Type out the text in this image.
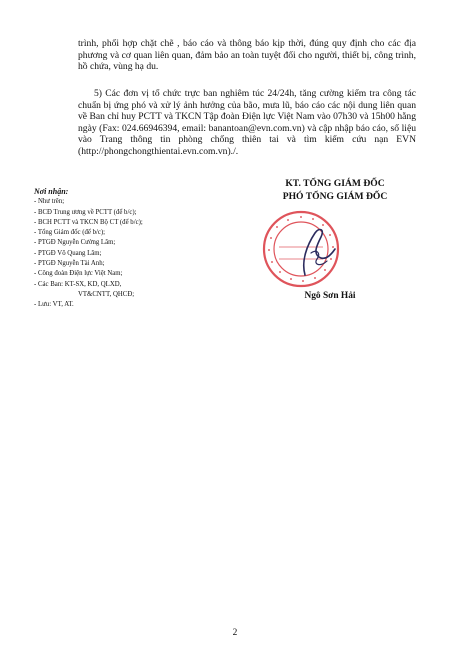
trình, phối hợp chặt chẽ , báo cáo và thông báo kịp thời, đúng quy định cho các địa phương và cơ quan liên quan, đảm bảo an toàn tuyệt đối cho người, thiết bị, công trình, hồ chứa, vùng hạ du.

5) Các đơn vị tổ chức trực ban nghiêm túc 24/24h, tăng cường kiểm tra công tác chuẩn bị ứng phó và xử lý ảnh hưởng của bão, mưa lũ, báo cáo các nội dung liên quan về Ban chỉ huy PCTT và TKCN Tập đoàn Điện lực Việt Nam vào 07h30 và 15h00 hằng ngày (Fax: 024.66946394, email: banantoan@evn.com.vn) và cập nhập báo cáo, số liệu vào Trang thông tin phòng chống thiên tai và tìm kiếm cứu nạn EVN (http://phongchongthientai.evn.com.vn)./.

Nơi nhận:
- Như trên;
- BCĐ Trung ương về PCTT (để b/c);
- BCH PCTT và TKCN Bộ CT (để b/c);
- Tổng Giám đốc (để b/c);
- PTGĐ Nguyễn Cường Lâm;
- PTGĐ Võ Quang Lâm;
- PTGĐ Nguyễn Tài Anh;
- Công đoàn Điện lực Việt Nam;
- Các Ban: KT-SX, KD, QLXD,
VT&CNTT, QHCĐ;
- Lưu: VT, AT.
KT. TỔNG GIÁM ĐỐC
PHÓ TỔNG GIÁM ĐỐC
Ngô Sơn Hải
2
